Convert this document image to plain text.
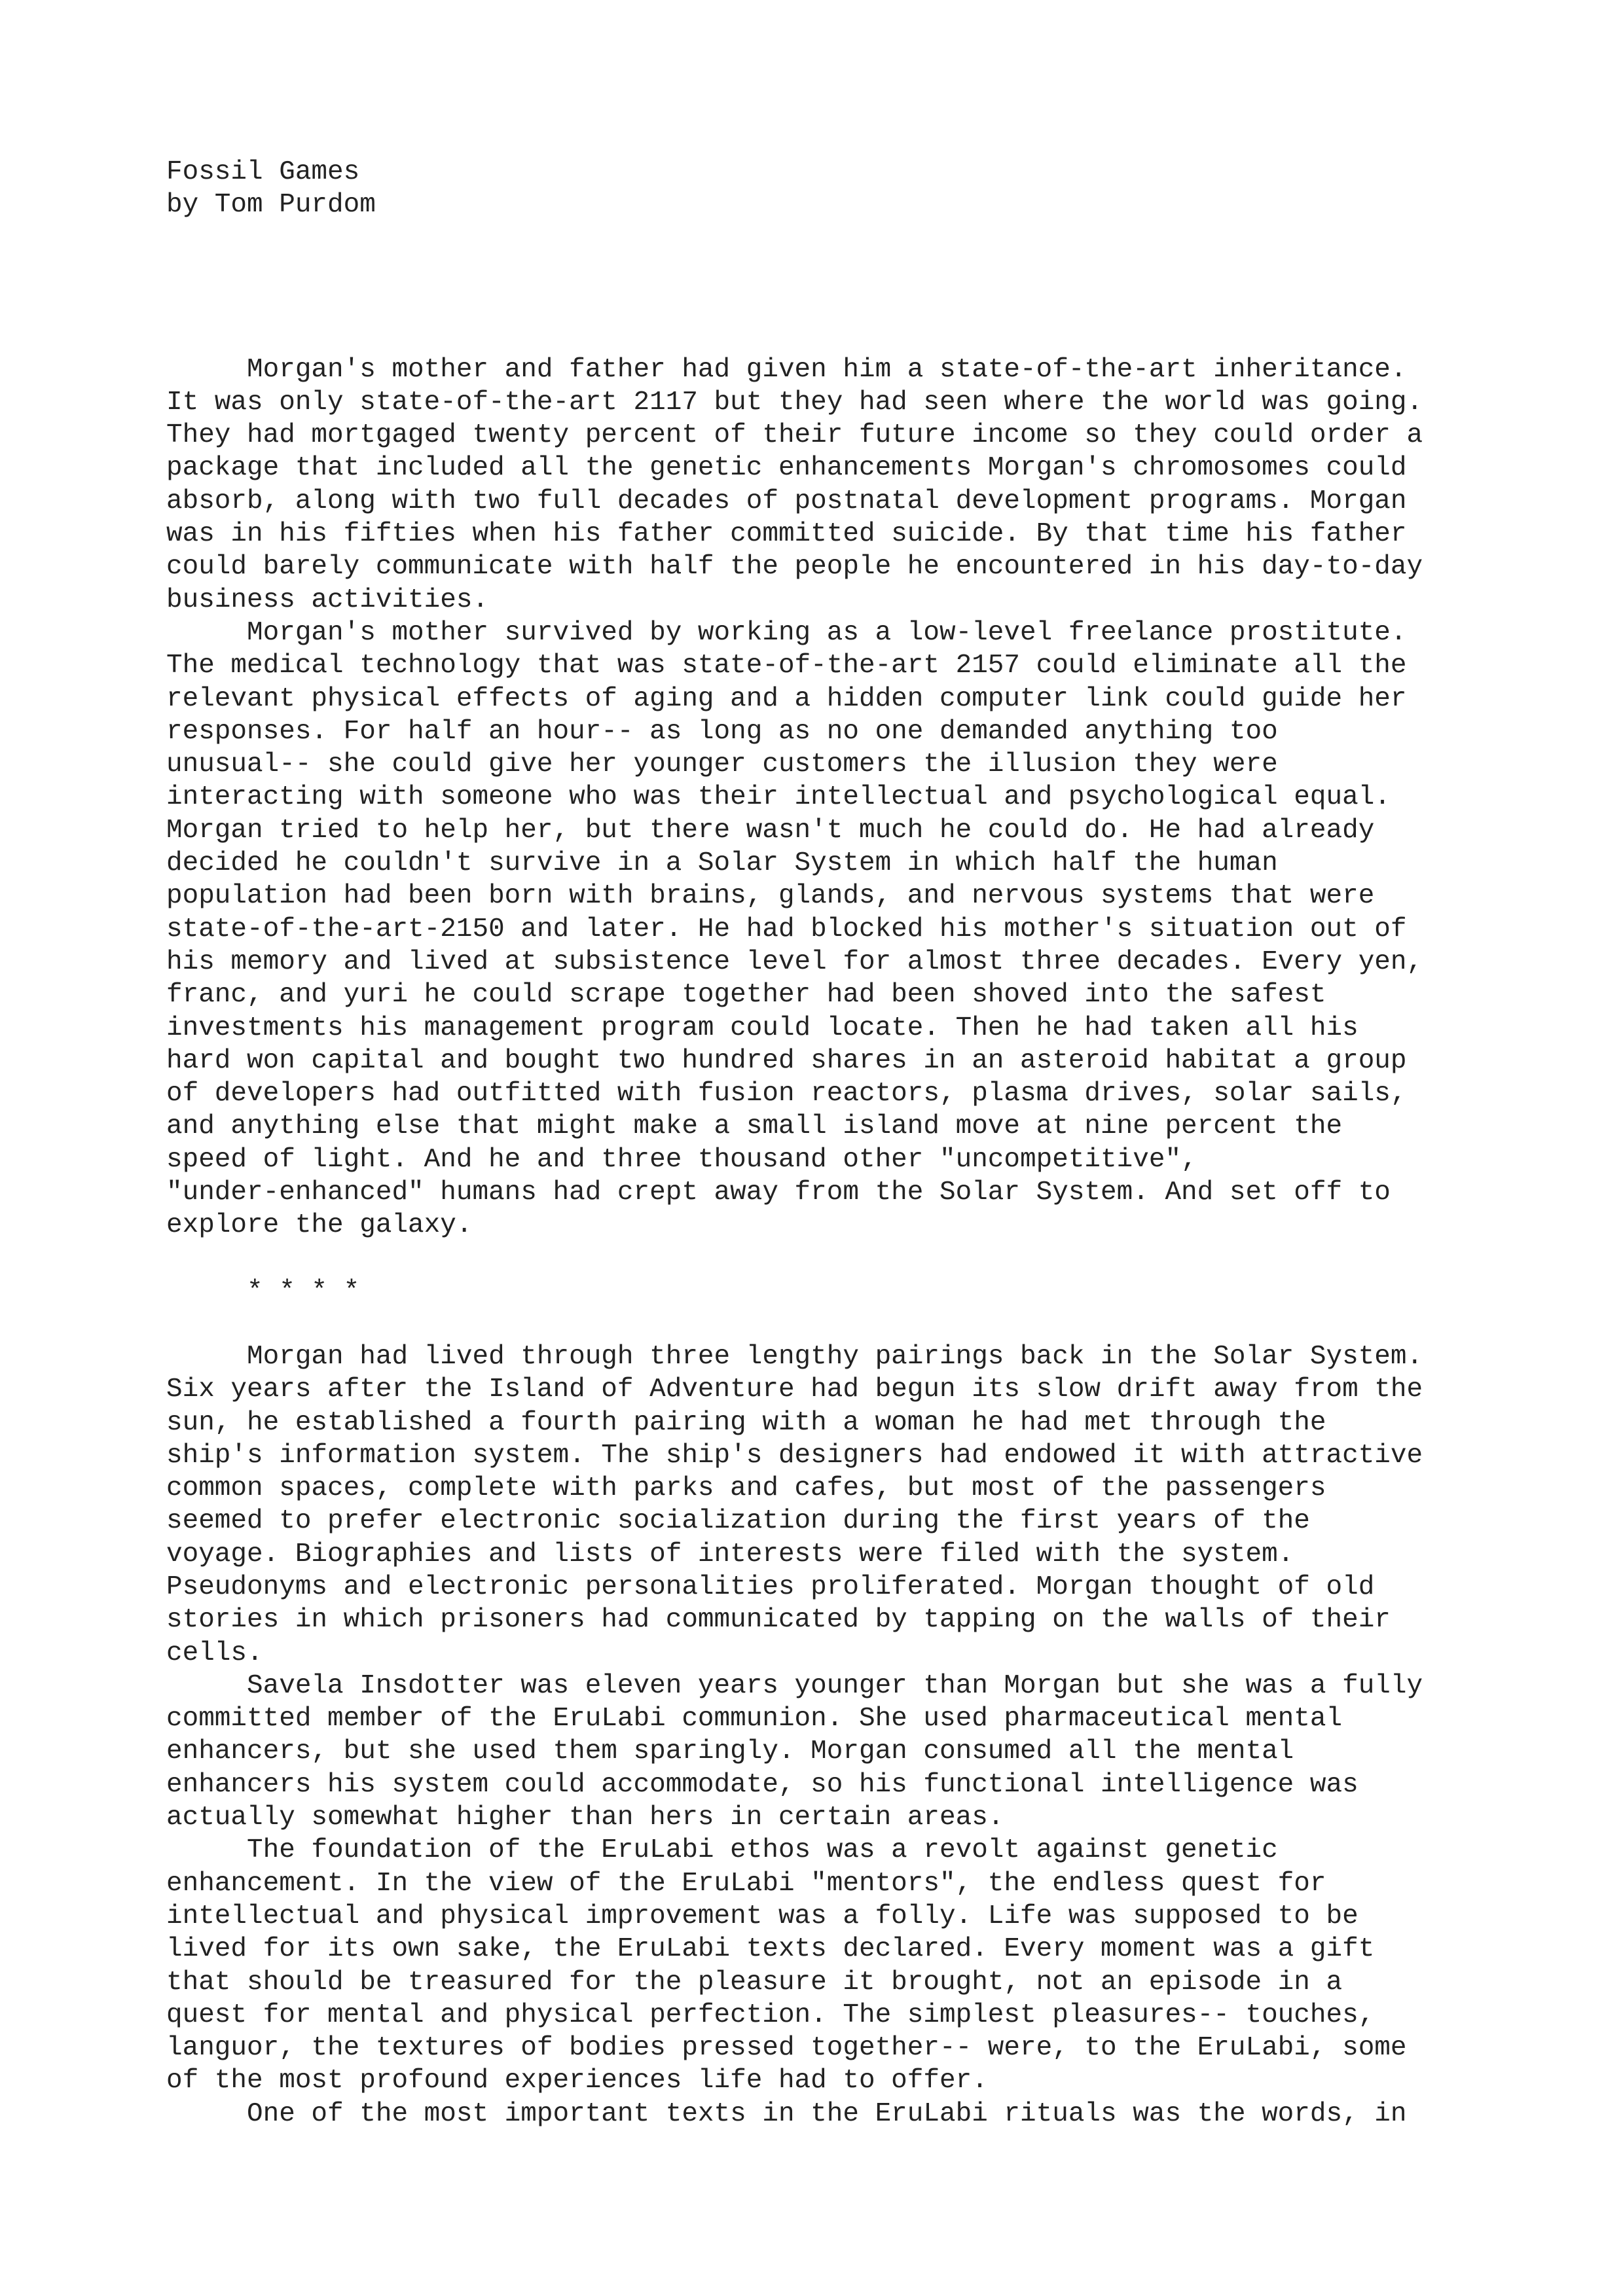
Fossil Games
by Tom Purdom
Morgan's mother and father had given him a state-of-the-art inheritance.
It was only state-of-the-art 2117 but they had seen where the world was going.
They had mortgaged twenty percent of their future income so they could order a
package that included all the genetic enhancements Morgan's chromosomes could
absorb, along with two full decades of postnatal development programs. Morgan
was in his fifties when his father committed suicide. By that time his father
could barely communicate with half the people he encountered in his day-to-day
business activities.
Morgan's mother survived by working as a low-level freelance prostitute.
The medical technology that was state-of-the-art 2157 could eliminate all the
relevant physical effects of aging and a hidden computer link could guide her
responses. For half an hour-- as long as no one demanded anything too
unusual-- she could give her younger customers the illusion they were
interacting with someone who was their intellectual and psychological equal.
Morgan tried to help her, but there wasn't much he could do. He had already
decided he couldn't survive in a Solar System in which half the human
population had been born with brains, glands, and nervous systems that were
state-of-the-art-2150 and later. He had blocked his mother's situation out of
his memory and lived at subsistence level for almost three decades. Every yen,
franc, and yuri he could scrape together had been shoved into the safest
investments his management program could locate. Then he had taken all his
hard won capital and bought two hundred shares in an asteroid habitat a group
of developers had outfitted with fusion reactors, plasma drives, solar sails,
and anything else that might make a small island move at nine percent the
speed of light. And he and three thousand other "uncompetitive",
"under-enhanced" humans had crept away from the Solar System. And set off to
explore the galaxy.
* * * *
Morgan had lived through three lengthy pairings back in the Solar System.
Six years after the Island of Adventure had begun its slow drift away from the
sun, he established a fourth pairing with a woman he had met through the
ship's information system. The ship's designers had endowed it with attractive
common spaces, complete with parks and cafes, but most of the passengers
seemed to prefer electronic socialization during the first years of the
voyage. Biographies and lists of interests were filed with the system.
Pseudonyms and electronic personalities proliferated. Morgan thought of old
stories in which prisoners had communicated by tapping on the walls of their
cells.
Savela Insdotter was eleven years younger than Morgan but she was a fully
committed member of the EruLabi communion. She used pharmaceutical mental
enhancers, but she used them sparingly. Morgan consumed all the mental
enhancers his system could accommodate, so his functional intelligence was
actually somewhat higher than hers in certain areas.
The foundation of the EruLabi ethos was a revolt against genetic
enhancement. In the view of the EruLabi "mentors", the endless quest for
intellectual and physical improvement was a folly. Life was supposed to be
lived for its own sake, the EruLabi texts declared. Every moment was a gift
that should be treasured for the pleasure it brought, not an episode in a
quest for mental and physical perfection. The simplest pleasures-- touches,
languor, the textures of bodies pressed together-- were, to the EruLabi, some
of the most profound experiences life had to offer.
One of the most important texts in the EruLabi rituals was the words, in
